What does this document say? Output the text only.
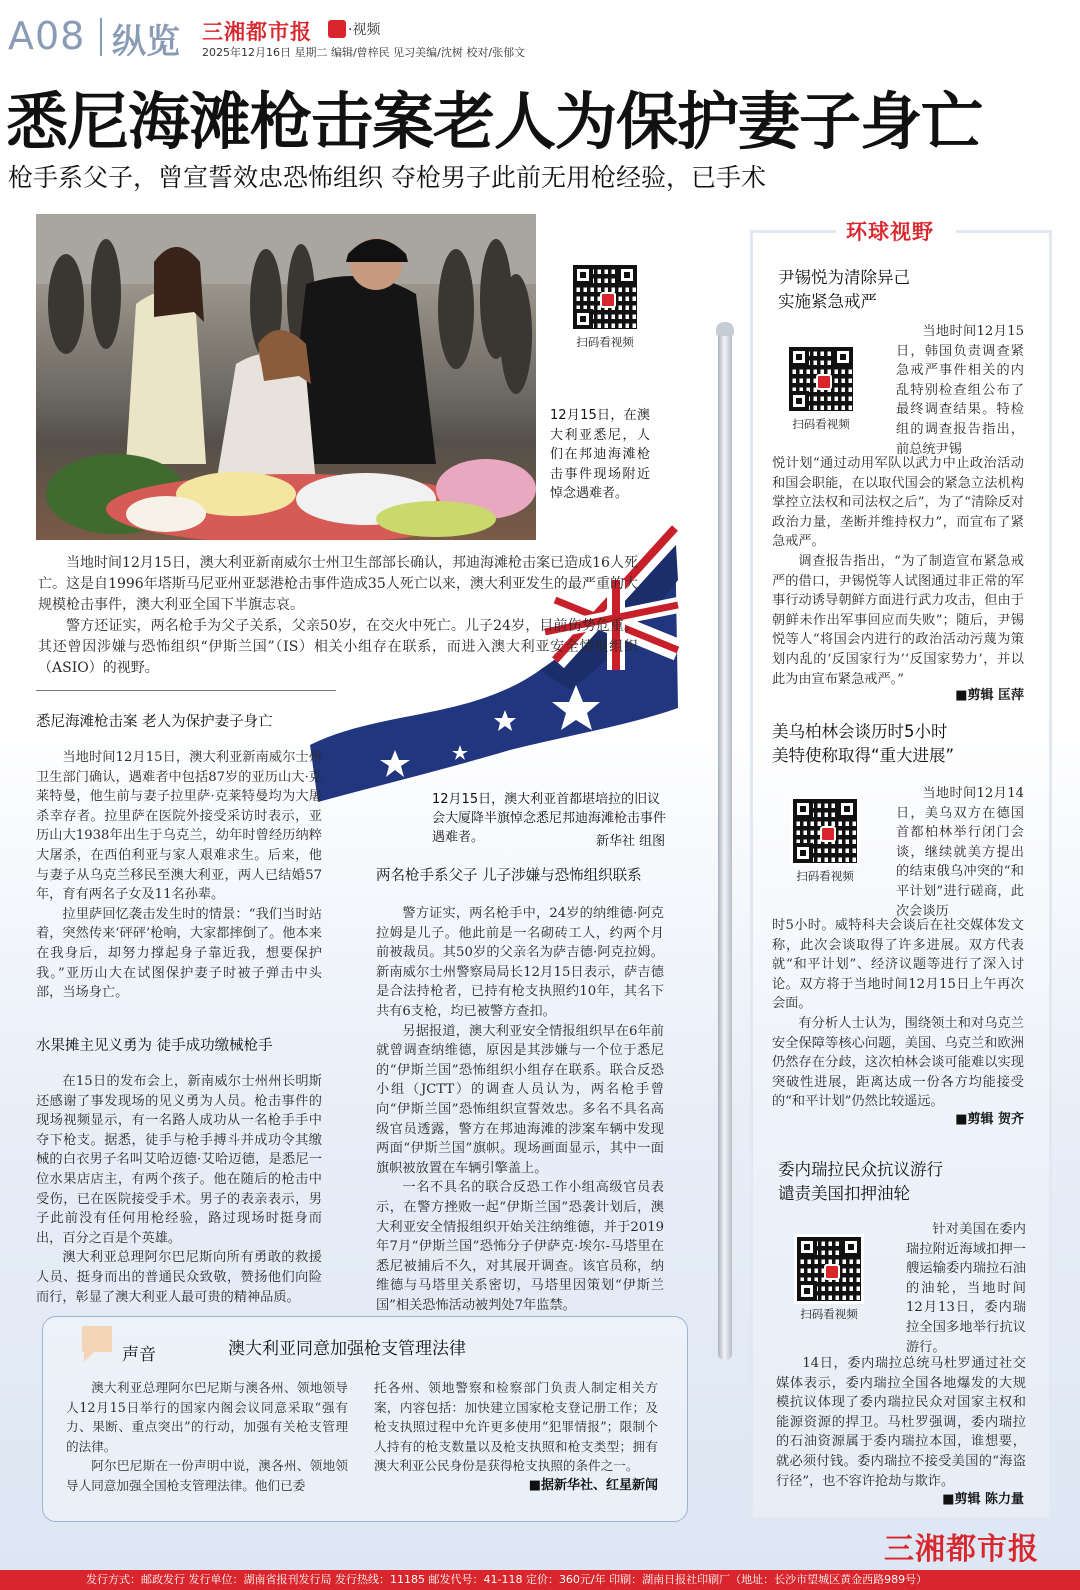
A08 纵览 三湘都市报	·视频
2025年12月16日 星期二 编辑/曾梓民 见习美编/沈树 校对/张郁文
悉尼海滩枪击案老人为保护妻子身亡
枪手系父子，曾宣誓效忠恐怖组织 夺枪男子此前无用枪经验，已手术
扫码看视频
12月15日，在澳大利亚悉尼，人们在邦迪海滩枪击事件现场附近悼念遇难者。
12月15日，澳大利亚首都堪培拉的旧议会大厦降半旗悼念悉尼邦迪海滩枪击事件遇难者。	新华社 组图

当地时间12月15日，澳大利亚新南威尔士州卫生部部长确认，邦迪海滩枪击案已造成16人死亡。这是自1996年塔斯马尼亚州亚瑟港枪击事件造成35人死亡以来，澳大利亚发生的最严重的大规模枪击事件，澳大利亚全国下半旗志哀。

警方还证实，两名枪手为父子关系，父亲50岁，在交火中死亡。儿子24岁，目前伤势危重。其还曾因涉嫌与恐怖组织“伊斯兰国”（IS）相关小组存在联系，而进入澳大利亚安全情报组织（ASIO）的视野。

悉尼海滩枪击案 老人为保护妻子身亡

当地时间12月15日，澳大利亚新南威尔士州卫生部门确认，遇难者中包括87岁的亚历山大·克莱特曼，他生前与妻子拉里萨·克莱特曼均为大屠杀幸存者。拉里萨在医院外接受采访时表示，亚历山大1938年出生于乌克兰，幼年时曾经历纳粹大屠杀，在西伯利亚与家人艰难求生。后来，他与妻子从乌克兰移民至澳大利亚，两人已结婚57年，育有两名子女及11名孙辈。

拉里萨回忆袭击发生时的情景：“我们当时站着，突然传来‘砰砰’枪响，大家都摔倒了。他本来在我身后，却努力撑起身子靠近我，想要保护我。”亚历山大在试图保护妻子时被子弹击中头部，当场身亡。

水果摊主见义勇为 徒手成功缴械枪手

在15日的发布会上，新南威尔士州州长明斯还感谢了事发现场的见义勇为人员。枪击事件的现场视频显示，有一名路人成功从一名枪手手中夺下枪支。据悉，徒手与枪手搏斗并成功令其缴械的白衣男子名叫艾哈迈德·艾哈迈德，是悉尼一位水果店店主，有两个孩子。他在随后的枪击中受伤，已在医院接受手术。男子的表亲表示，男子此前没有任何用枪经验，路过现场时挺身而出，百分之百是个英雄。

澳大利亚总理阿尔巴尼斯向所有勇敢的救援人员、挺身而出的普通民众致敬，赞扬他们向险而行，彰显了澳大利亚人最可贵的精神品质。

两名枪手系父子 儿子涉嫌与恐怖组织联系

警方证实，两名枪手中，24岁的纳维德·阿克拉姆是儿子。他此前是一名砌砖工人，约两个月前被裁员。其50岁的父亲名为萨吉德·阿克拉姆。新南威尔士州警察局局长12月15日表示，萨吉德是合法持枪者，已持有枪支执照约10年，其名下共有6支枪，均已被警方查扣。

另据报道，澳大利亚安全情报组织早在6年前就曾调查纳维德，原因是其涉嫌与一个位于悉尼的“伊斯兰国”恐怖组织小组存在联系。联合反恐小组（JCTT）的调查人员认为，两名枪手曾向“伊斯兰国”恐怖组织宣誓效忠。多名不具名高级官员透露，警方在邦迪海滩的涉案车辆中发现两面“伊斯兰国”旗帜。现场画面显示，其中一面旗帜被放置在车辆引擎盖上。

一名不具名的联合反恐工作小组高级官员表示，在警方挫败一起“伊斯兰国”恐袭计划后，澳大利亚安全情报组织开始关注纳维德，并于2019年7月“伊斯兰国”恐怖分子伊萨克·埃尔-马塔里在悉尼被捕后不久，对其展开调查。该官员称，纳维德与马塔里关系密切，马塔里因策划“伊斯兰国”相关恐怖活动被判处7年监禁。

声音	澳大利亚同意加强枪支管理法律

澳大利亚总理阿尔巴尼斯与澳各州、领地领导人12月15日举行的国家内阁会议同意采取“强有力、果断、重点突出”的行动，加强有关枪支管理的法律。

阿尔巴尼斯在一份声明中说，澳各州、领地领导人同意加强全国枪支管理法律。他们已委

托各州、领地警察和检察部门负责人制定相关方案，内容包括：加快建立国家枪支登记册工作；及枪支执照过程中允许更多使用“犯罪情报”；限制个人持有的枪支数量以及枪支执照和枪支类型；拥有澳大利亚公民身份是获得枪支执照的条件之一。
■据新华社、红星新闻
环球视野
尹锡悦为清除异己
实施紧急戒严
扫码看视频
当地时间12月15日，韩国负责调查紧急戒严事件相关的内乱特别检查组公布了最终调查结果。特检组的调查报告指出，前总统尹锡
悦计划“通过动用军队以武力中止政治活动和国会职能，在以取代国会的紧急立法机构掌控立法权和司法权之后”，为了“清除反对政治力量，垄断并维持权力”，而宣布了紧急戒严。

调查报告指出，“为了制造宣布紧急戒严的借口，尹锡悦等人试图通过非正常的军事行动诱导朝鲜方面进行武力攻击，但由于朝鲜未作出军事回应而失败”；随后，尹锡悦等人“将国会内进行的政治活动污蔑为策划内乱的‘反国家行为’‘反国家势力’，并以此为由宣布紧急戒严。”

■剪辑 匡萍
美乌柏林会谈历时5小时
美特使称取得“重大进展”
扫码看视频
当地时间12月14日，美乌双方在德国首都柏林举行闭门会谈，继续就美方提出的结束俄乌冲突的“和平计划”进行磋商，此次会谈历
时5小时。威特科夫会谈后在社交媒体发文称，此次会谈取得了许多进展。双方代表就“和平计划”、经济议题等进行了深入讨论。双方将于当地时间12月15日上午再次会面。

有分析人士认为，围绕领土和对乌克兰安全保障等核心问题，美国、乌克兰和欧洲仍然存在分歧，这次柏林会谈可能难以实现突破性进展，距离达成一份各方均能接受的“和平计划”仍然比较遥远。

■剪辑 贺齐
委内瑞拉民众抗议游行
谴责美国扣押油轮
扫码看视频
针对美国在委内瑞拉附近海域扣押一艘运输委内瑞拉石油的油轮，当地时间12月13日，委内瑞拉全国多地举行抗议游行。

14日，委内瑞拉总统马杜罗通过社交媒体表示，委内瑞拉全国各地爆发的大规模抗议体现了委内瑞拉民众对国家主权和能源资源的捍卫。马杜罗强调，委内瑞拉的石油资源属于委内瑞拉本国，谁想要，就必须付钱。委内瑞拉不接受美国的“海盗行径”，也不容许抢劫与欺诈。

■剪辑 陈力量
三湘都市报
发行方式：邮政发行 发行单位：湖南省报刊发行局 发行热线：11185 邮发代号：41-118 定价：360元/年 印刷：湖南日报社印刷厂（地址：长沙市望城区黄金西路989号）
